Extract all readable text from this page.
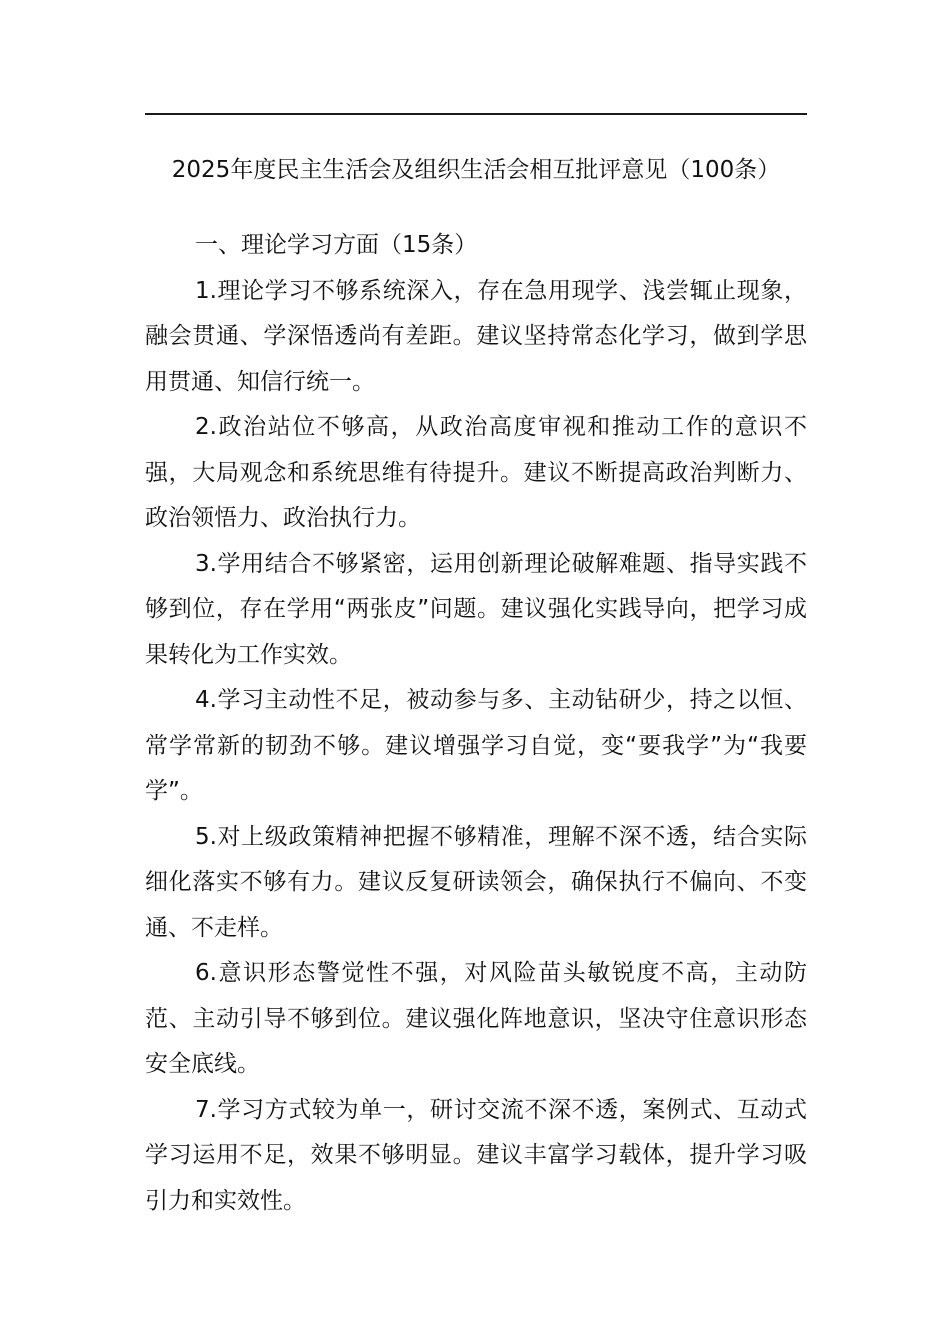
2025年度民主生活会及组织生活会相互批评意见（100条）

一、理论学习方面（15条）

1.理论学习不够系统深入，存在急用现学、浅尝辄止现象，融会贯通、学深悟透尚有差距。建议坚持常态化学习，做到学思用贯通、知信行统一。

2.政治站位不够高，从政治高度审视和推动工作的意识不强，大局观念和系统思维有待提升。建议不断提高政治判断力、政治领悟力、政治执行力。

3.学用结合不够紧密，运用创新理论破解难题、指导实践不够到位，存在学用“两张皮”问题。建议强化实践导向，把学习成果转化为工作实效。

4.学习主动性不足，被动参与多、主动钻研少，持之以恒、常学常新的韧劲不够。建议增强学习自觉，变“要我学”为“我要学”。

5.对上级政策精神把握不够精准，理解不深不透，结合实际细化落实不够有力。建议反复研读领会，确保执行不偏向、不变通、不走样。

6.意识形态警觉性不强，对风险苗头敏锐度不高，主动防范、主动引导不够到位。建议强化阵地意识，坚决守住意识形态安全底线。

7.学习方式较为单一，研讨交流不深不透，案例式、互动式学习运用不足，效果不够明显。建议丰富学习载体，提升学习吸引力和实效性。
